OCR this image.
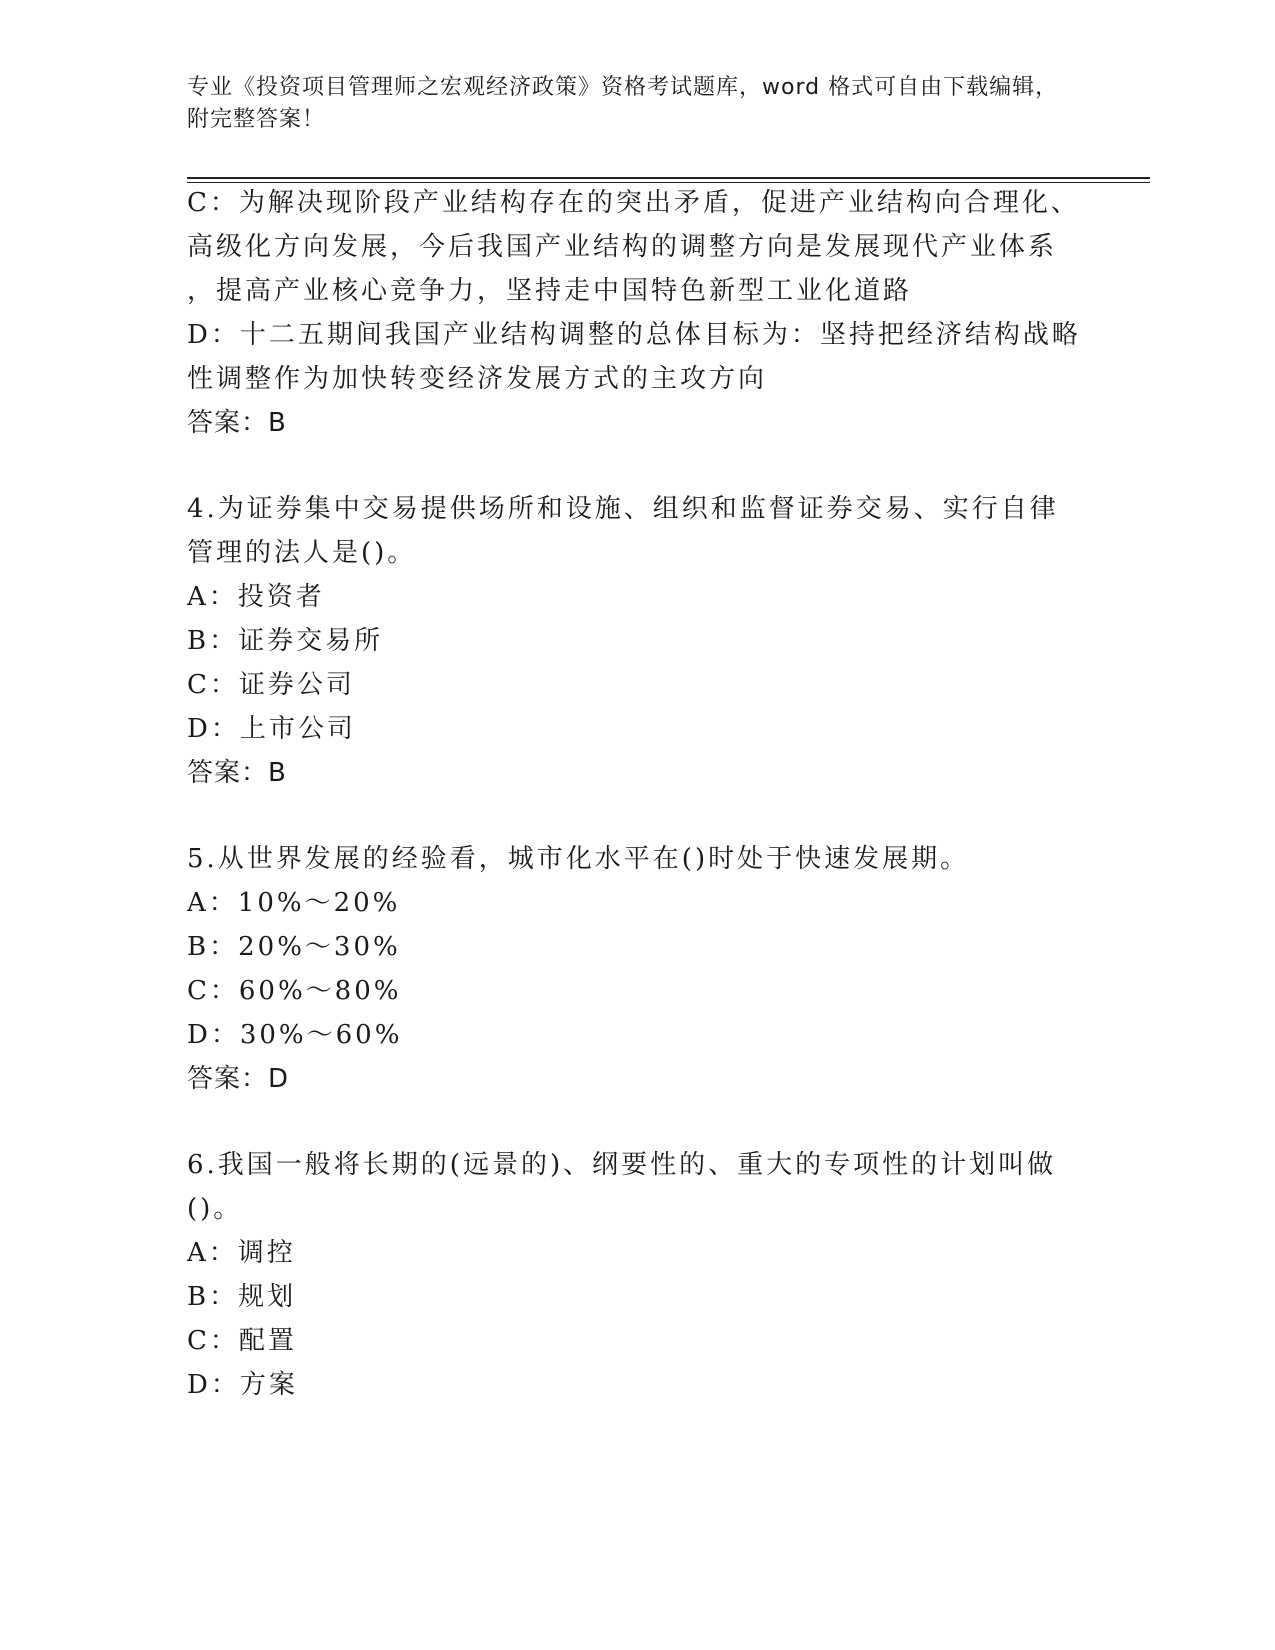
专业《投资项目管理师之宏观经济政策》资格考试题库，word 格式可自由下载编辑，附完整答案！
C：为解决现阶段产业结构存在的突出矛盾，促进产业结构向合理化、
高级化方向发展，今后我国产业结构的调整方向是发展现代产业体系
，提高产业核心竞争力，坚持走中国特色新型工业化道路
D：十二五期间我国产业结构调整的总体目标为：坚持把经济结构战略
性调整作为加快转变经济发展方式的主攻方向
答案：B
4.为证券集中交易提供场所和设施、组织和监督证券交易、实行自律
管理的法人是()。
A：投资者
B：证券交易所
C：证券公司
D：上市公司
答案：B
5.从世界发展的经验看，城市化水平在()时处于快速发展期。
A：10%～20%
B：20%～30%
C：60%～80%
D：30%～60%
答案：D
6.我国一般将长期的(远景的)、纲要性的、重大的专项性的计划叫做
()。
A：调控
B：规划
C：配置
D：方案
